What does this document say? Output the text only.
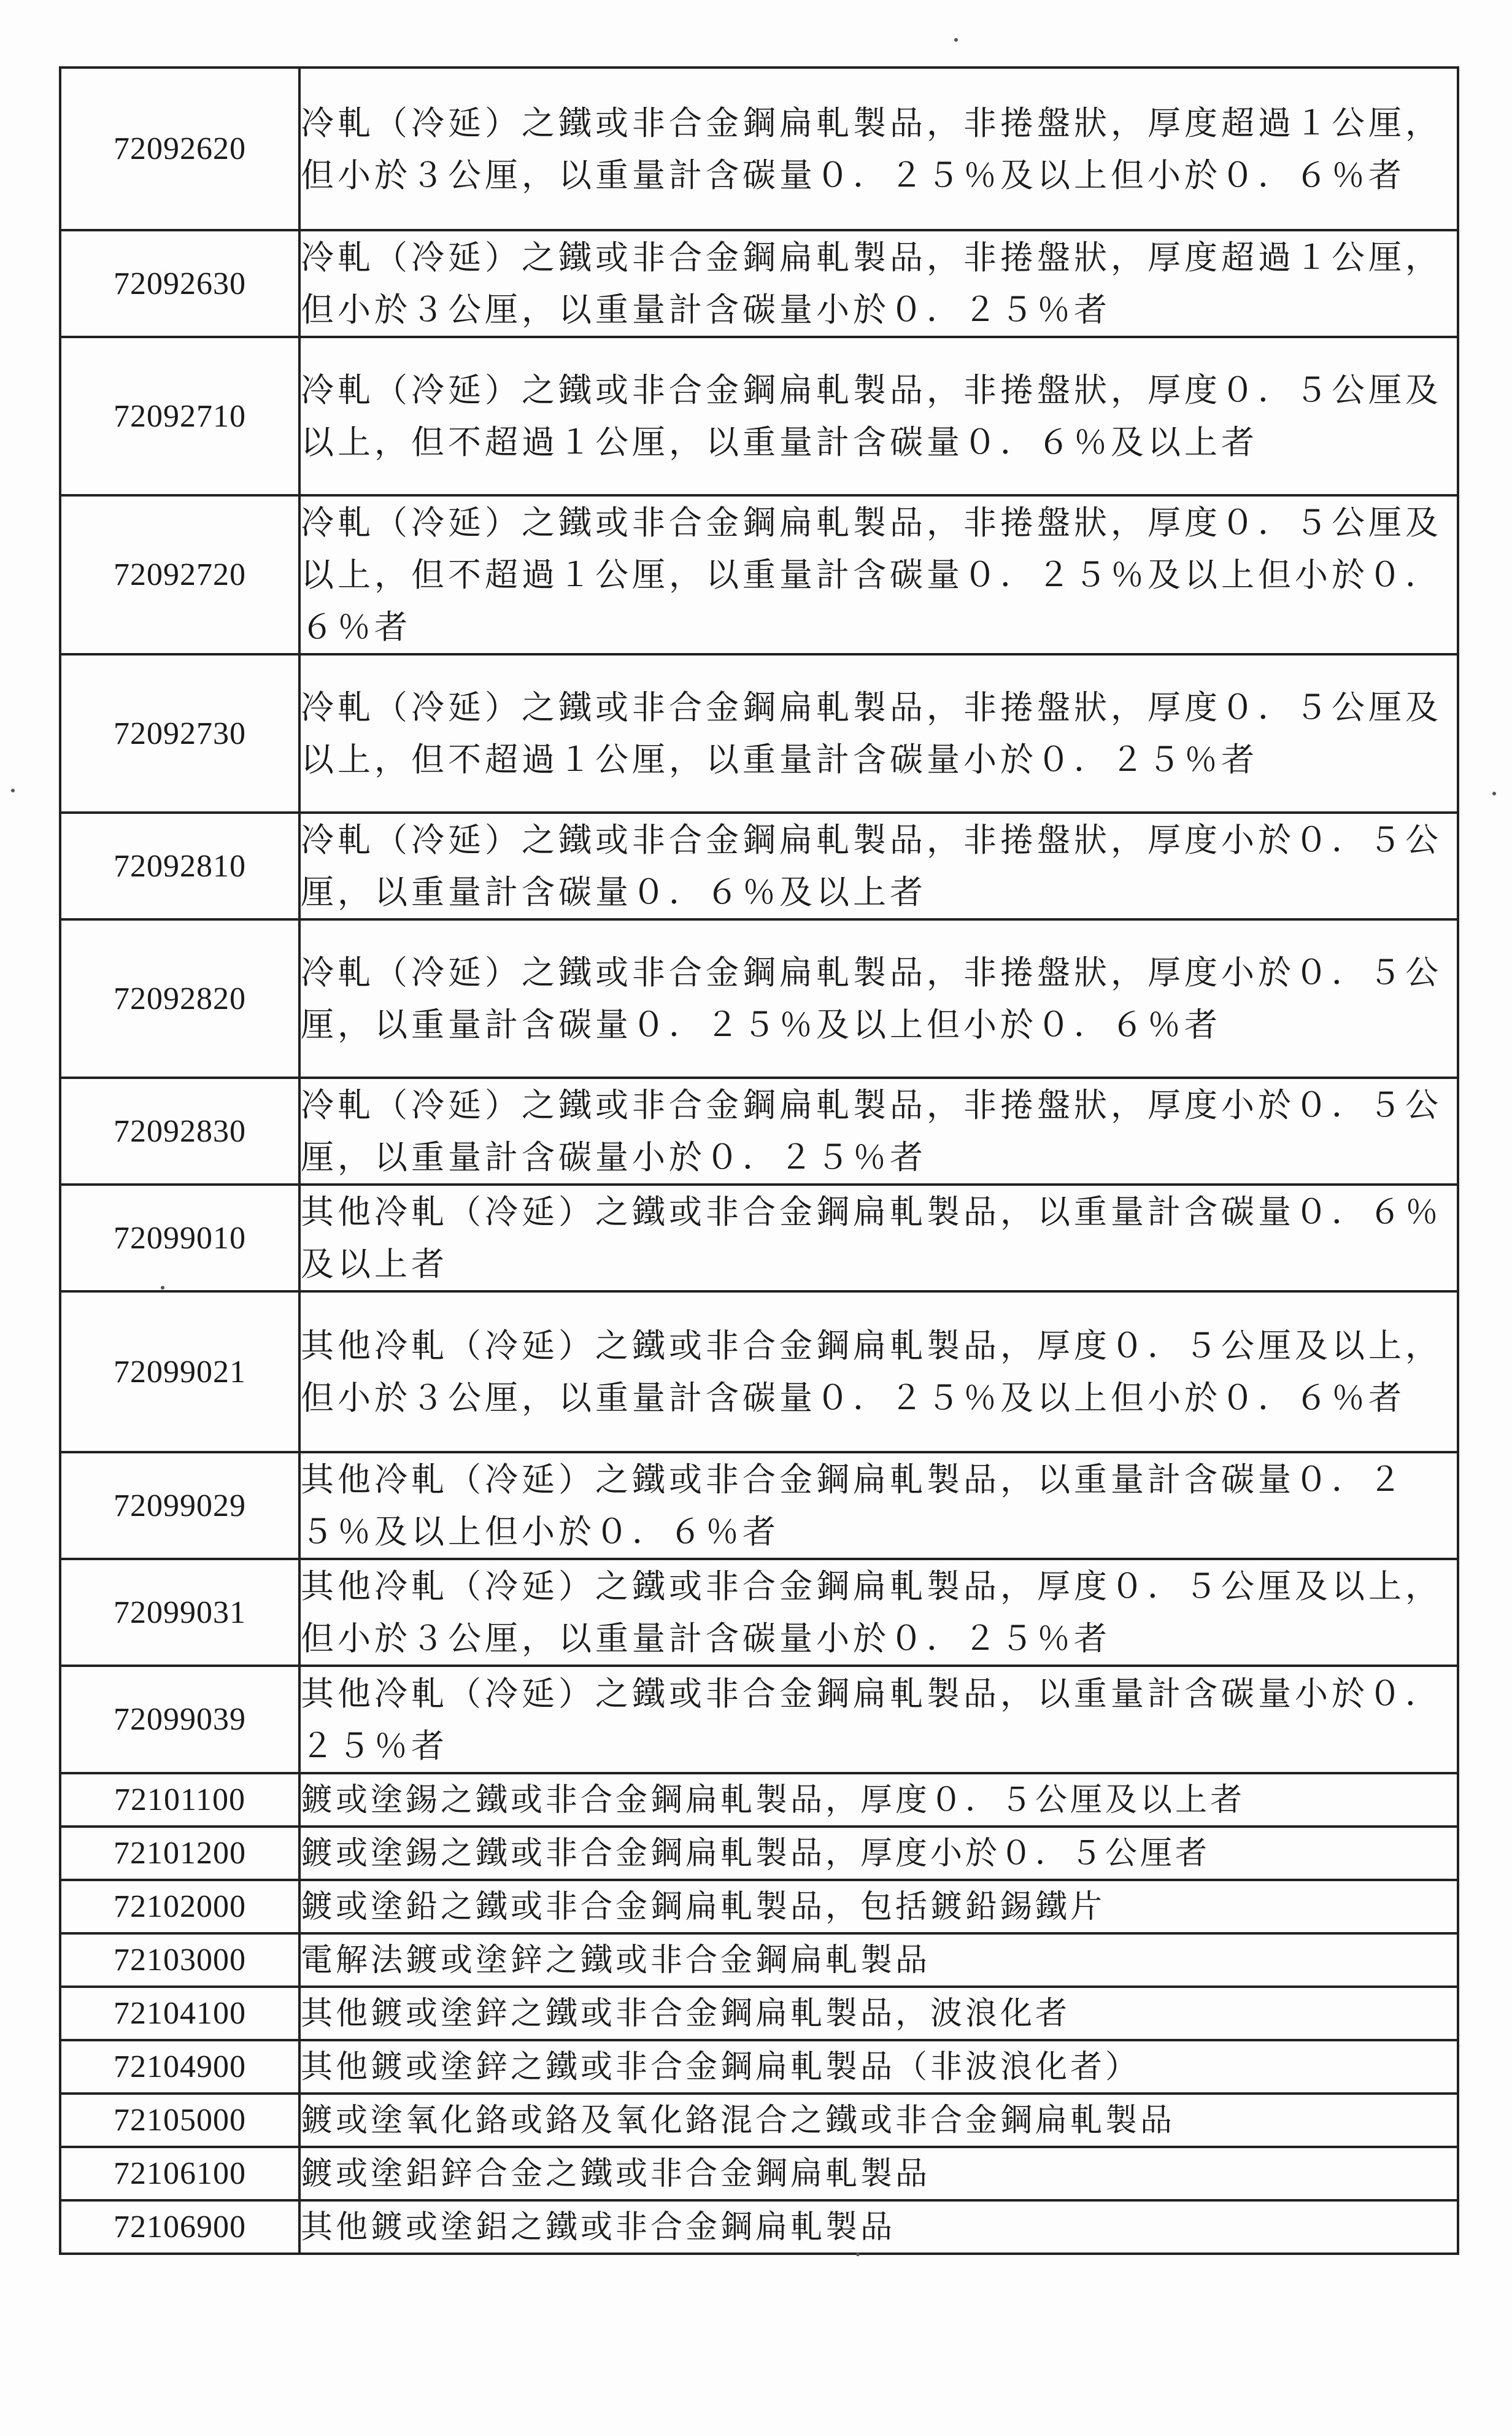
72092620	冷軋（冷延）之鐵或非合金鋼扁軋製品，非捲盤狀，厚度超過１公厘，但小於３公厘，以重量計含碳量０．２５％及以上但小於０．６％者
72092630	冷軋（冷延）之鐵或非合金鋼扁軋製品，非捲盤狀，厚度超過１公厘，但小於３公厘，以重量計含碳量小於０．２５％者
72092710	冷軋（冷延）之鐵或非合金鋼扁軋製品，非捲盤狀，厚度０．５公厘及以上，但不超過１公厘，以重量計含碳量０．６％及以上者
72092720	冷軋（冷延）之鐵或非合金鋼扁軋製品，非捲盤狀，厚度０．５公厘及以上，但不超過１公厘，以重量計含碳量０．２５％及以上但小於０．６％者
72092730	冷軋（冷延）之鐵或非合金鋼扁軋製品，非捲盤狀，厚度０．５公厘及以上，但不超過１公厘，以重量計含碳量小於０．２５％者
72092810	冷軋（冷延）之鐵或非合金鋼扁軋製品，非捲盤狀，厚度小於０．５公厘，以重量計含碳量０．６％及以上者
72092820	冷軋（冷延）之鐵或非合金鋼扁軋製品，非捲盤狀，厚度小於０．５公厘，以重量計含碳量０．２５％及以上但小於０．６％者
72092830	冷軋（冷延）之鐵或非合金鋼扁軋製品，非捲盤狀，厚度小於０．５公厘，以重量計含碳量小於０．２５％者
72099010	其他冷軋（冷延）之鐵或非合金鋼扁軋製品，以重量計含碳量０．６％及以上者
72099021	其他冷軋（冷延）之鐵或非合金鋼扁軋製品，厚度０．５公厘及以上，但小於３公厘，以重量計含碳量０．２５％及以上但小於０．６％者
72099029	其他冷軋（冷延）之鐵或非合金鋼扁軋製品，以重量計含碳量０．２５％及以上但小於０．６％者
72099031	其他冷軋（冷延）之鐵或非合金鋼扁軋製品，厚度０．５公厘及以上，但小於３公厘，以重量計含碳量小於０．２５％者
72099039	其他冷軋（冷延）之鐵或非合金鋼扁軋製品，以重量計含碳量小於０．２５％者
72101100	鍍或塗錫之鐵或非合金鋼扁軋製品，厚度０．５公厘及以上者
72101200	鍍或塗錫之鐵或非合金鋼扁軋製品，厚度小於０．５公厘者
72102000	鍍或塗鉛之鐵或非合金鋼扁軋製品，包括鍍鉛錫鐵片
72103000	電解法鍍或塗鋅之鐵或非合金鋼扁軋製品
72104100	其他鍍或塗鋅之鐵或非合金鋼扁軋製品，波浪化者
72104900	其他鍍或塗鋅之鐵或非合金鋼扁軋製品（非波浪化者）
72105000	鍍或塗氧化鉻或鉻及氧化鉻混合之鐵或非合金鋼扁軋製品
72106100	鍍或塗鋁鋅合金之鐵或非合金鋼扁軋製品
72106900	其他鍍或塗鋁之鐵或非合金鋼扁軋製品
